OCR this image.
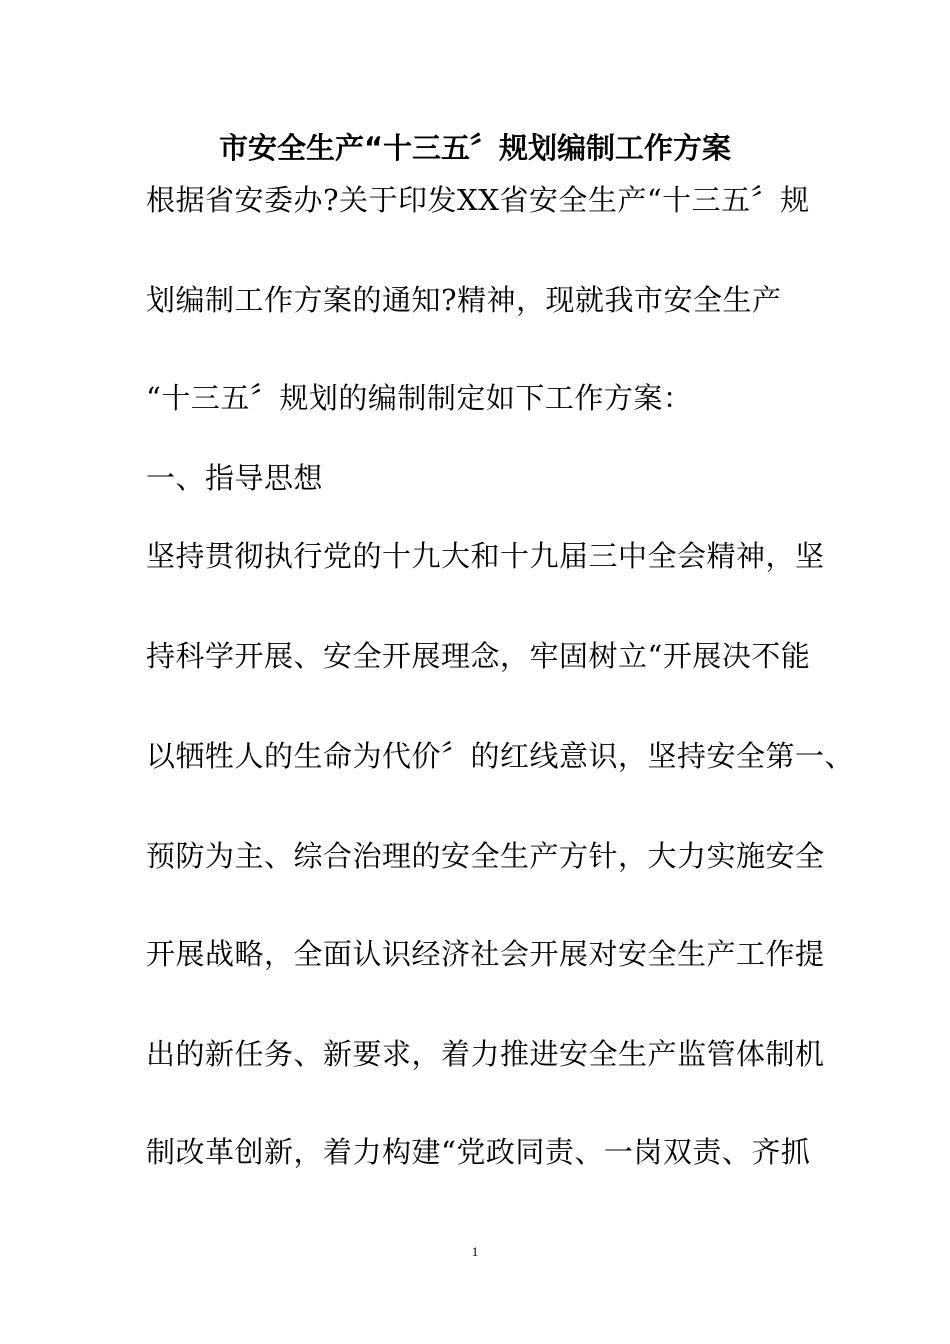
市安全生产“十三五〞规划编制工作方案
根据省安委办?关于印发XX省安全生产“十三五〞规
划编制工作方案的通知?精神，现就我市安全生产
“十三五〞规划的编制制定如下工作方案：
一、指导思想
坚持贯彻执行党的十九大和十九届三中全会精神，坚
持科学开展、安全开展理念，牢固树立“开展决不能
以牺牲人的生命为代价〞的红线意识，坚持安全第一、
预防为主、综合治理的安全生产方针，大力实施安全
开展战略，全面认识经济社会开展对安全生产工作提
出的新任务、新要求，着力推进安全生产监管体制机
制改革创新，着力构建“党政同责、一岗双责、齐抓
1
